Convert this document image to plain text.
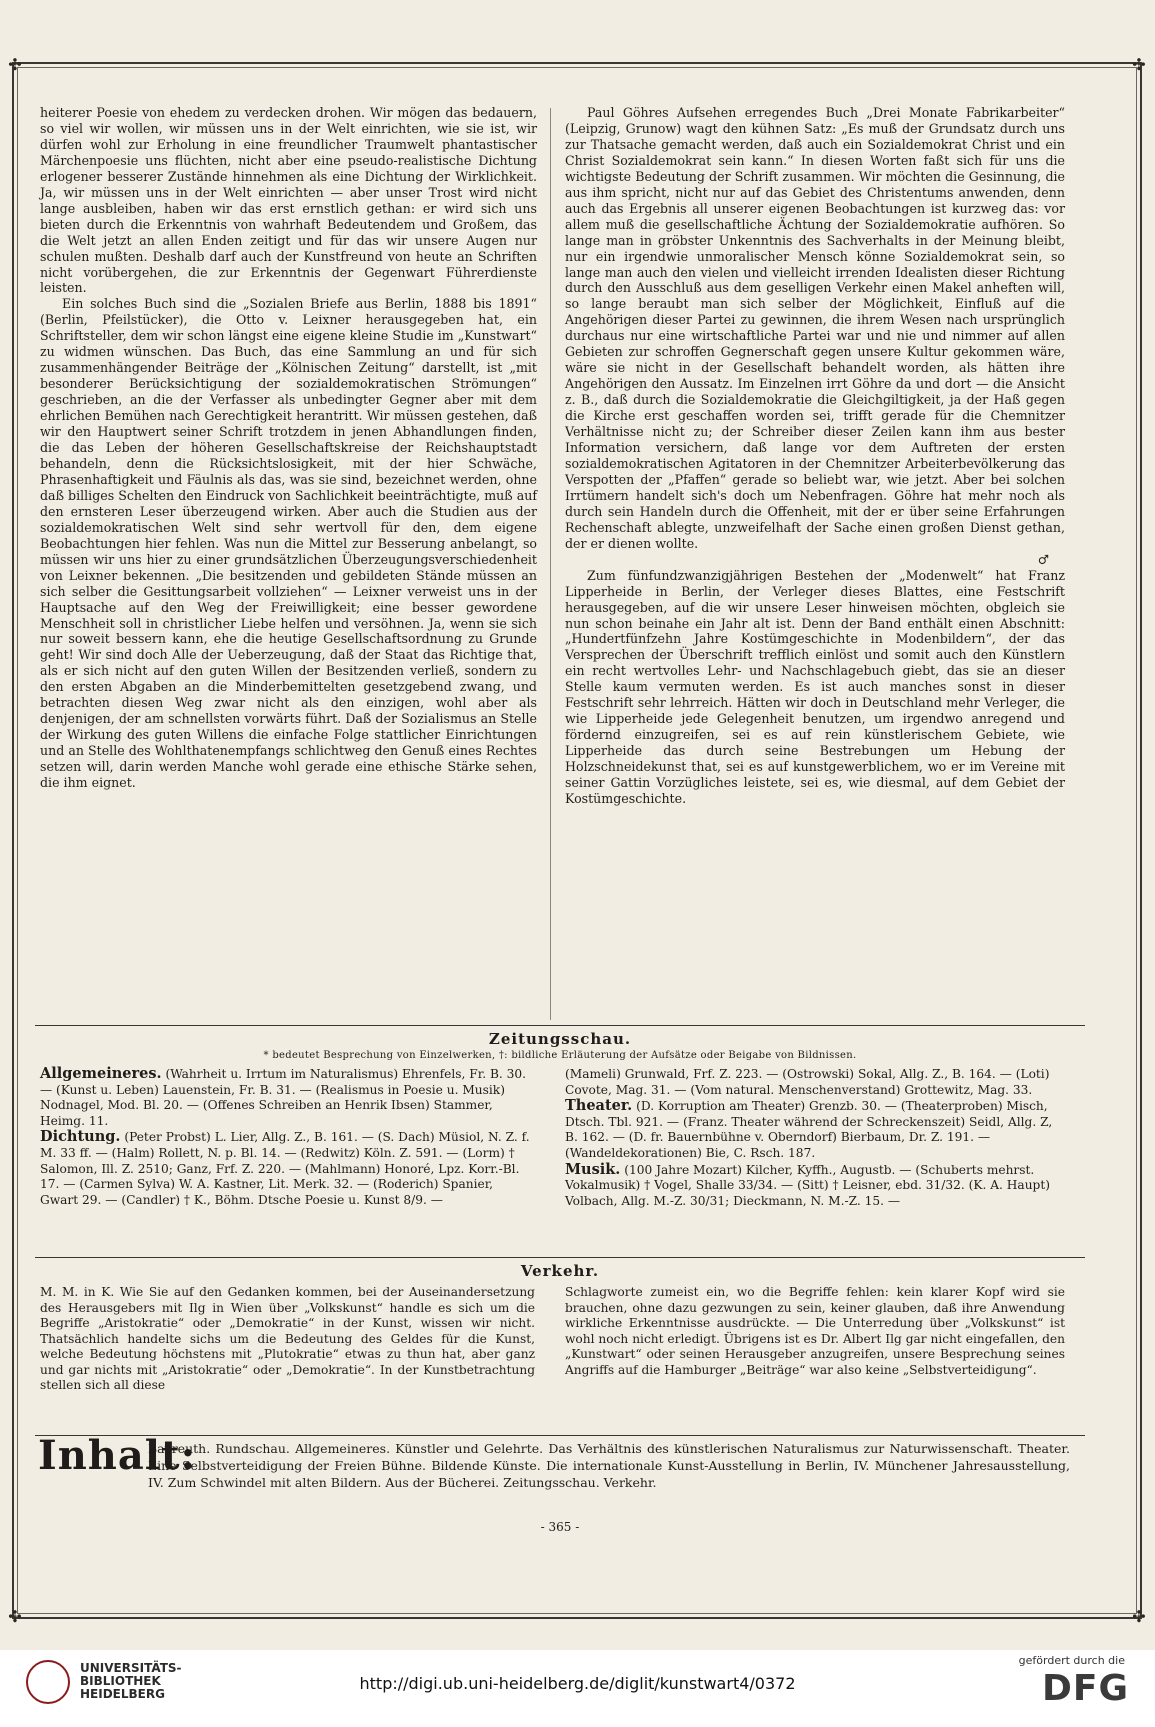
✣	✣
✣	✣

heiterer Poesie von ehedem zu verdecken drohen. Wir mögen das bedauern, so viel wir wollen, wir müssen uns in der Welt einrichten, wie sie ist, wir dürfen wohl zur Erholung in eine freundlicher Traumwelt phantastischer Märchenpoesie uns flüchten, nicht aber eine pseudo-realistische Dichtung erlogener besserer Zustände hinnehmen als eine Dichtung der Wirklichkeit. Ja, wir müssen uns in der Welt einrichten — aber unser Trost wird nicht lange ausbleiben, haben wir das erst ernstlich gethan: er wird sich uns bieten durch die Erkenntnis von wahrhaft Bedeutendem und Großem, das die Welt jetzt an allen Enden zeitigt und für das wir unsere Augen nur schulen mußten. Deshalb darf auch der Kunstfreund von heute an Schriften nicht vorübergehen, die zur Erkenntnis der Gegenwart Führerdienste leisten.

Ein solches Buch sind die „Sozialen Briefe aus Berlin, 1888 bis 1891“ (Berlin, Pfeilstücker), die Otto v. Leixner herausgegeben hat, ein Schriftsteller, dem wir schon längst eine eigene kleine Studie im „Kunstwart“ zu widmen wünschen. Das Buch, das eine Sammlung an und für sich zusammenhängender Beiträge der „Kölnischen Zeitung“ darstellt, ist „mit besonderer Berücksichtigung der sozialdemokratischen Strömungen“ geschrieben, an die der Verfasser als unbedingter Gegner aber mit dem ehrlichen Bemühen nach Gerechtigkeit herantritt. Wir müssen gestehen, daß wir den Hauptwert seiner Schrift trotzdem in jenen Abhandlungen finden, die das Leben der höheren Gesellschaftskreise der Reichshauptstadt behandeln, denn die Rücksichtslosigkeit, mit der hier Schwäche, Phrasenhaftigkeit und Fäulnis als das, was sie sind, bezeichnet werden, ohne daß billiges Schelten den Eindruck von Sachlichkeit beeinträchtigte, muß auf den ernsteren Leser überzeugend wirken. Aber auch die Studien aus der sozialdemokratischen Welt sind sehr wertvoll für den, dem eigene Beobachtungen hier fehlen. Was nun die Mittel zur Besserung anbelangt, so müssen wir uns hier zu einer grundsätzlichen Überzeugungsverschiedenheit von Leixner bekennen. „Die besitzenden und gebildeten Stände müssen an sich selber die Gesittungsarbeit vollziehen“ — Leixner verweist uns in der Hauptsache auf den Weg der Freiwilligkeit; eine besser gewordene Menschheit soll in christlicher Liebe helfen und versöhnen. Ja, wenn sie sich nur soweit bessern kann, ehe die heutige Gesellschaftsordnung zu Grunde geht! Wir sind doch Alle der Ueberzeugung, daß der Staat das Richtige that, als er sich nicht auf den guten Willen der Besitzenden verließ, sondern zu den ersten Abgaben an die Minderbemittelten gesetzgebend zwang, und betrachten diesen Weg zwar nicht als den einzigen, wohl aber als denjenigen, der am schnellsten vorwärts führt. Daß der Sozialismus an Stelle der Wirkung des guten Willens die einfache Folge stattlicher Einrichtungen und an Stelle des Wohlthatenempfangs schlichtweg den Genuß eines Rechtes setzen will, darin werden Manche wohl gerade eine ethische Stärke sehen, die ihm eignet.

Paul Göhres Aufsehen erregendes Buch „Drei Monate Fabrikarbeiter“ (Leipzig, Grunow) wagt den kühnen Satz: „Es muß der Grundsatz durch uns zur Thatsache gemacht werden, daß auch ein Sozialdemokrat Christ und ein Christ Sozialdemokrat sein kann.“ In diesen Worten faßt sich für uns die wichtigste Bedeutung der Schrift zusammen. Wir möchten die Gesinnung, die aus ihm spricht, nicht nur auf das Gebiet des Christentums anwenden, denn auch das Ergebnis all unserer eigenen Beobachtungen ist kurzweg das: vor allem muß die gesellschaftliche Ächtung der Sozialdemokratie aufhören. So lange man in gröbster Unkenntnis des Sachverhalts in der Meinung bleibt, nur ein irgendwie unmoralischer Mensch könne Sozialdemokrat sein, so lange man auch den vielen und vielleicht irrenden Idealisten dieser Richtung durch den Ausschluß aus dem geselligen Verkehr einen Makel anheften will, so lange beraubt man sich selber der Möglichkeit, Einfluß auf die Angehörigen dieser Partei zu gewinnen, die ihrem Wesen nach ursprünglich durchaus nur eine wirtschaftliche Partei war und nie und nimmer auf allen Gebieten zur schroffen Gegnerschaft gegen unsere Kultur gekommen wäre, wäre sie nicht in der Gesellschaft behandelt worden, als hätten ihre Angehörigen den Aussatz. Im Einzelnen irrt Göhre da und dort — die Ansicht z. B., daß durch die Sozialdemokratie die Gleichgiltigkeit, ja der Haß gegen die Kirche erst geschaffen worden sei, trifft gerade für die Chemnitzer Verhältnisse nicht zu; der Schreiber dieser Zeilen kann ihm aus bester Information versichern, daß lange vor dem Auftreten der ersten sozialdemokratischen Agitatoren in der Chemnitzer Arbeiterbevölkerung das Verspotten der „Pfaffen“ gerade so beliebt war, wie jetzt. Aber bei solchen Irrtümern handelt sich's doch um Nebenfragen. Göhre hat mehr noch als durch sein Handeln durch die Offenheit, mit der er über seine Erfahrungen Rechenschaft ablegte, unzweifelhaft der Sache einen großen Dienst gethan, der er dienen wollte.

♂

Zum fünfundzwanzigjährigen Bestehen der „Modenwelt“ hat Franz Lipperheide in Berlin, der Verleger dieses Blattes, eine Festschrift herausgegeben, auf die wir unsere Leser hinweisen möchten, obgleich sie nun schon beinahe ein Jahr alt ist. Denn der Band enthält einen Abschnitt: „Hundertfünfzehn Jahre Kostümgeschichte in Modenbildern“, der das Versprechen der Überschrift trefflich einlöst und somit auch den Künstlern ein recht wertvolles Lehr- und Nachschlagebuch giebt, das sie an dieser Stelle kaum vermuten werden. Es ist auch manches sonst in dieser Festschrift sehr lehrreich. Hätten wir doch in Deutschland mehr Verleger, die wie Lipperheide jede Gelegenheit benutzen, um irgendwo anregend und fördernd einzugreifen, sei es auf rein künstlerischem Gebiete, wie Lipperheide das durch seine Bestrebungen um Hebung der Holzschneidekunst that, sei es auf kunstgewerblichem, wo er im Vereine mit seiner Gattin Vorzügliches leistete, sei es, wie diesmal, auf dem Gebiet der Kostümgeschichte.

Zeitungsschau.
* bedeutet Besprechung von Einzelwerken, †: bildliche Erläuterung der Aufsätze oder Beigabe von Bildnissen.

Allgemeineres. (Wahrheit u. Irrtum im Naturalismus) Ehrenfels, Fr. B. 30. — (Kunst u. Leben) Lauenstein, Fr. B. 31. — (Realismus in Poesie u. Musik) Nodnagel, Mod. Bl. 20. — (Offenes Schreiben an Henrik Ibsen) Stammer, Heimg. 11.

Dichtung. (Peter Probst) L. Lier, Allg. Z., B. 161. — (S. Dach) Müsiol, N. Z. f. M. 33 ff. — (Halm) Rollett, N. p. Bl. 14. — (Redwitz) Köln. Z. 591. — (Lorm) † Salomon, Ill. Z. 2510; Ganz, Frf. Z. 220. — (Mahlmann) Honoré, Lpz. Korr.-Bl. 17. — (Carmen Sylva) W. A. Kastner, Lit. Merk. 32. — (Roderich) Spanier, Gwart 29. — (Candler) † K., Böhm. Dtsche Poesie u. Kunst 8/9. —

(Mameli) Grunwald, Frf. Z. 223. — (Ostrowski) Sokal, Allg. Z., B. 164. — (Loti) Covote, Mag. 31. — (Vom natural. Menschenverstand) Grottewitz, Mag. 33.

Theater. (D. Korruption am Theater) Grenzb. 30. — (Theaterproben) Misch, Dtsch. Tbl. 921. — (Franz. Theater während der Schreckenszeit) Seidl, Allg. Z, B. 162. — (D. fr. Bauernbühne v. Oberndorf) Bierbaum, Dr. Z. 191. — (Wandeldekorationen) Bie, C. Rsch. 187.

Musik. (100 Jahre Mozart) Kilcher, Kyffh., Augustb. — (Schuberts mehrst. Vokalmusik) † Vogel, Shalle 33/34. — (Sitt) † Leisner, ebd. 31/32. (K. A. Haupt) Volbach, Allg. M.-Z. 30/31; Dieckmann, N. M.-Z. 15. —

Verkehr.

M. M. in K. Wie Sie auf den Gedanken kommen, bei der Auseinandersetzung des Herausgebers mit Ilg in Wien über „Volkskunst“ handle es sich um die Begriffe „Aristokratie“ oder „Demokratie“ in der Kunst, wissen wir nicht. Thatsächlich handelte sichs um die Bedeutung des Geldes für die Kunst, welche Bedeutung höchstens mit „Plutokratie“ etwas zu thun hat, aber ganz und gar nichts mit „Aristokratie“ oder „Demokratie“. In der Kunstbetrachtung stellen sich all diese

Schlagworte zumeist ein, wo die Begriffe fehlen: kein klarer Kopf wird sie brauchen, ohne dazu gezwungen zu sein, keiner glauben, daß ihre Anwendung wirkliche Erkenntnisse ausdrückte. — Die Unterredung über „Volkskunst“ ist wohl noch nicht erledigt. Übrigens ist es Dr. Albert Ilg gar nicht eingefallen, den „Kunstwart“ oder seinen Herausgeber anzugreifen, unsere Besprechung seines Angriffs auf die Hamburger „Beiträge“ war also keine „Selbstverteidigung“.

Inhalt:
Bayreuth. Rundschau. Allgemeineres. Künstler und Gelehrte. Das Verhältnis des künstlerischen Naturalismus zur Naturwissenschaft. Theater. Eine Selbstverteidigung der Freien Bühne. Bildende Künste. Die internationale Kunst-Ausstellung in Berlin, IV. Münchener Jahresausstellung, IV. Zum Schwindel mit alten Bildern. Aus der Bücherei. Zeitungsschau. Verkehr.
- 365 -
UNIVERSITÄTS-
BIBLIOTHEK
HEIDELBERG
http://digi.ub.uni-heidelberg.de/diglit/kunstwart4/0372
gefördert durch die
DFG
